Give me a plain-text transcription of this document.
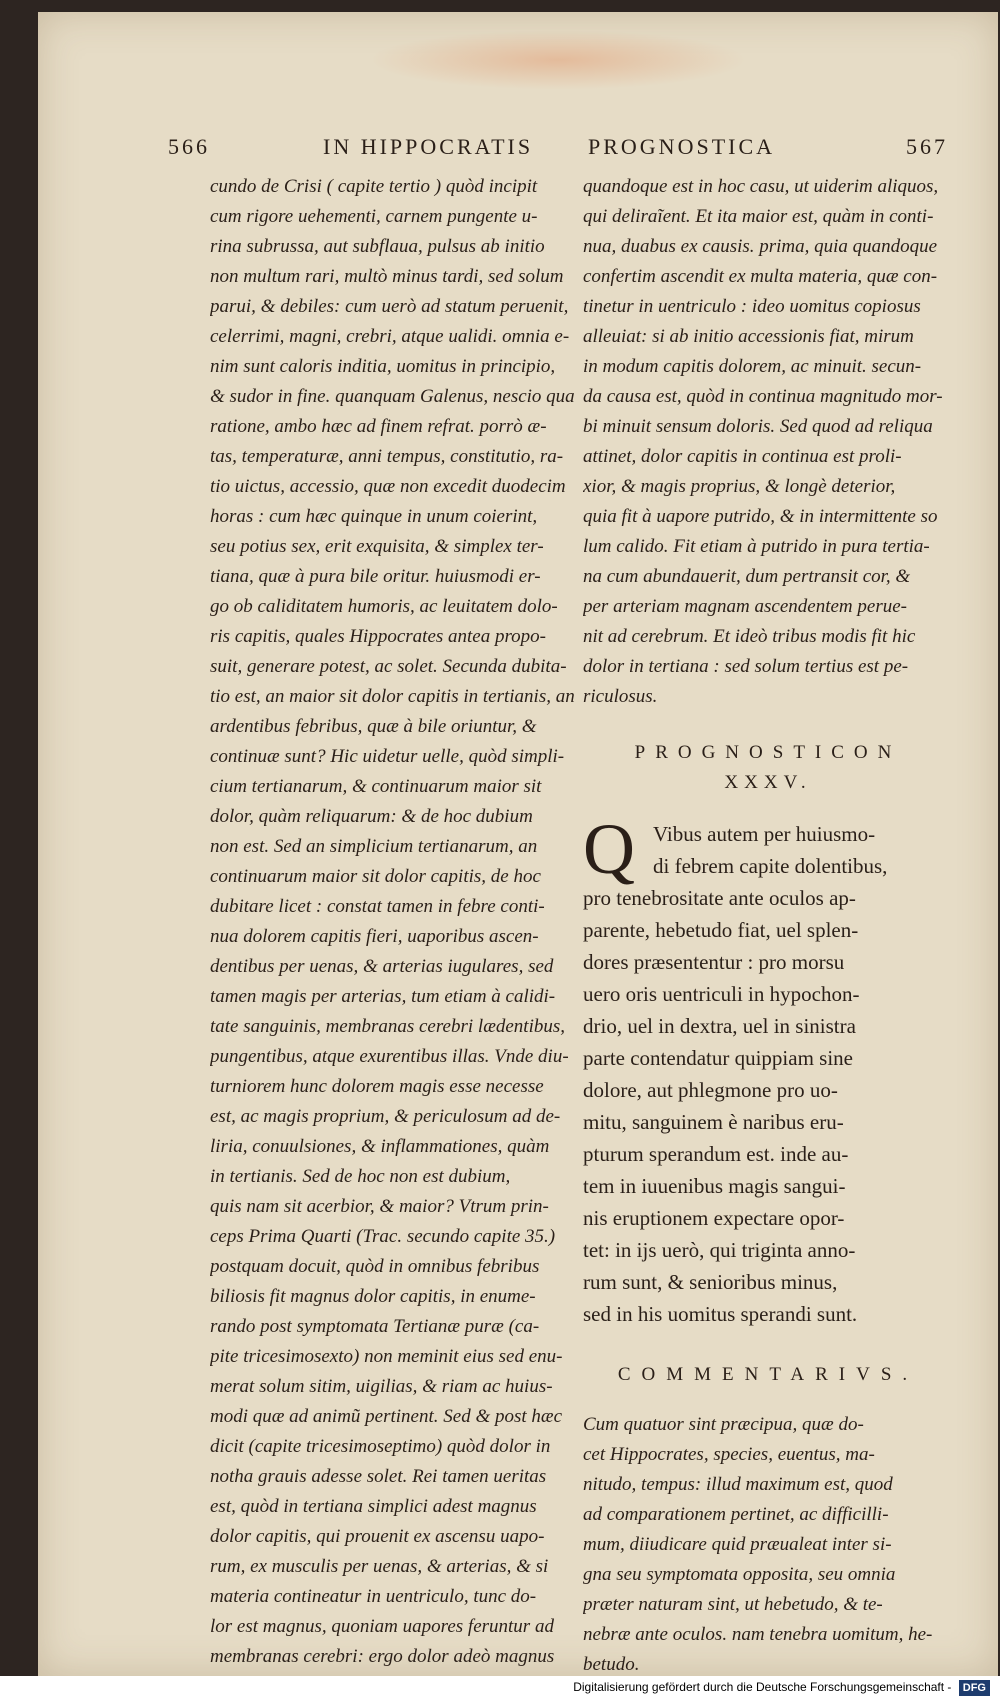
566	IN HIPPOCRATIS PROGNOSTICA	567
cundo de Crisi ( capite tertio ) quòd incipit
cum rigore uehementi, carnem pungente u-
rina subrussa, aut subflaua, pulsus ab initio
non multum rari, multò minus tardi, sed solum
parui, & debiles: cum uerò ad statum peruenit,
celerrimi, magni, crebri, atque ualidi. omnia e-
nim sunt caloris inditia, uomitus in principio,
& sudor in fine. quanquam Galenus, nescio qua
ratione, ambo hæc ad finem refrat. porrò æ-
tas, temperaturæ, anni tempus, constitutio, ra-
tio uictus, accessio, quæ non excedit duodecim
horas : cum hæc quinque in unum coierint,
seu potius sex, erit exquisita, & simplex ter-
tiana, quæ à pura bile oritur. huiusmodi er-
go ob caliditatem humoris, ac leuitatem dolo-
ris capitis, quales Hippocrates antea propo-
suit, generare potest, ac solet. Secunda dubita-
tio est, an maior sit dolor capitis in tertianis, an
ardentibus febribus, quæ à bile oriuntur, &
continuæ sunt? Hic uidetur uelle, quòd simpli-
cium tertianarum, & continuarum maior sit
dolor, quàm reliquarum: & de hoc dubium
non est. Sed an simplicium tertianarum, an
continuarum maior sit dolor capitis, de hoc
dubitare licet : constat tamen in febre conti-
nua dolorem capitis fieri, uaporibus ascen-
dentibus per uenas, & arterias iugulares, sed
tamen magis per arterias, tum etiam à calidi-
tate sanguinis, membranas cerebri lædentibus,
pungentibus, atque exurentibus illas. Vnde diu-
turniorem hunc dolorem magis esse necesse
est, ac magis proprium, & periculosum ad de-
liria, conuulsiones, & inflammationes, quàm
in tertianis. Sed de hoc non est dubium,
quis nam sit acerbior, & maior? Vtrum prin-
ceps Prima Quarti (Trac. secundo capite 35.)
postquam docuit, quòd in omnibus febribus
biliosis fit magnus dolor capitis, in enume-
rando post symptomata Tertianæ puræ (ca-
pite tricesimosexto) non meminit eius sed enu-
merat solum sitim, uigilias, & riam ac huius-
modi quæ ad animũ pertinent. Sed & post hæc
dicit (capite tricesimoseptimo) quòd dolor in
notha grauis adesse solet. Rei tamen ueritas
est, quòd in tertiana simplici adest magnus
dolor capitis, qui prouenit ex ascensu uapo-
rum, ex musculis per uenas, & arterias, & si
materia contineatur in uentriculo, tunc do-
lor est magnus, quoniam uapores feruntur ad
membranas cerebri: ergo dolor adeò magnus
quandoque est in hoc casu, ut uiderim aliquos,
qui deliraĩent. Et ita maior est, quàm in conti-
nua, duabus ex causis. prima, quia quandoque
confertim ascendit ex multa materia, quæ con-
tinetur in uentriculo : ideo uomitus copiosus
alleuiat: si ab initio accessionis fiat, mirum
in modum capitis dolorem, ac minuit. secun-
da causa est, quòd in continua magnitudo mor-
bi minuit sensum doloris. Sed quod ad reliqua
attinet, dolor capitis in continua est proli-
xior, & magis proprius, & longè deterior,
quia fit à uapore putrido, & in intermittente so
lum calido. Fit etiam à putrido in pura tertia-
na cum abundauerit, dum pertransit cor, &
per arteriam magnam ascendentem perue-
nit ad cerebrum. Et ideò tribus modis fit hic
dolor in tertiana : sed solum tertius est pe-
riculosus.
PROGNOSTICON
XXXV.
Q Vibus autem per huiusmo-
di febrem capite dolentibus,
pro tenebrositate ante oculos ap-
parente, hebetudo fiat, uel splen-
dores præsententur : pro morsu
uero oris uentriculi in hypochon-
drio, uel in dextra, uel in sinistra
parte contendatur quippiam sine
dolore, aut phlegmone pro uo-
mitu, sanguinem è naribus eru-
pturum sperandum est. inde au-
tem in iuuenibus magis sangui-
nis eruptionem expectare opor-
tet: in ijs uerò, qui triginta anno-
rum sunt, & senioribus minus,
sed in his uomitus sperandi sunt.
COMMENTARIVS.
Cum quatuor sint præcipua, quæ do-
cet Hippocrates, species, euentus, ma-
nitudo, tempus: illud maximum est, quod
ad comparationem pertinet, ac difficilli-
mum, diiudicare quid præualeat inter si-
gna seu symptomata opposita, seu omnia
præter naturam sint, ut hebetudo, & te-
nebræ ante oculos. nam tenebra uomitum, he-
betudo.
Digitalisierung gefördert durch die Deutsche Forschungsgemeinschaft - DFG
